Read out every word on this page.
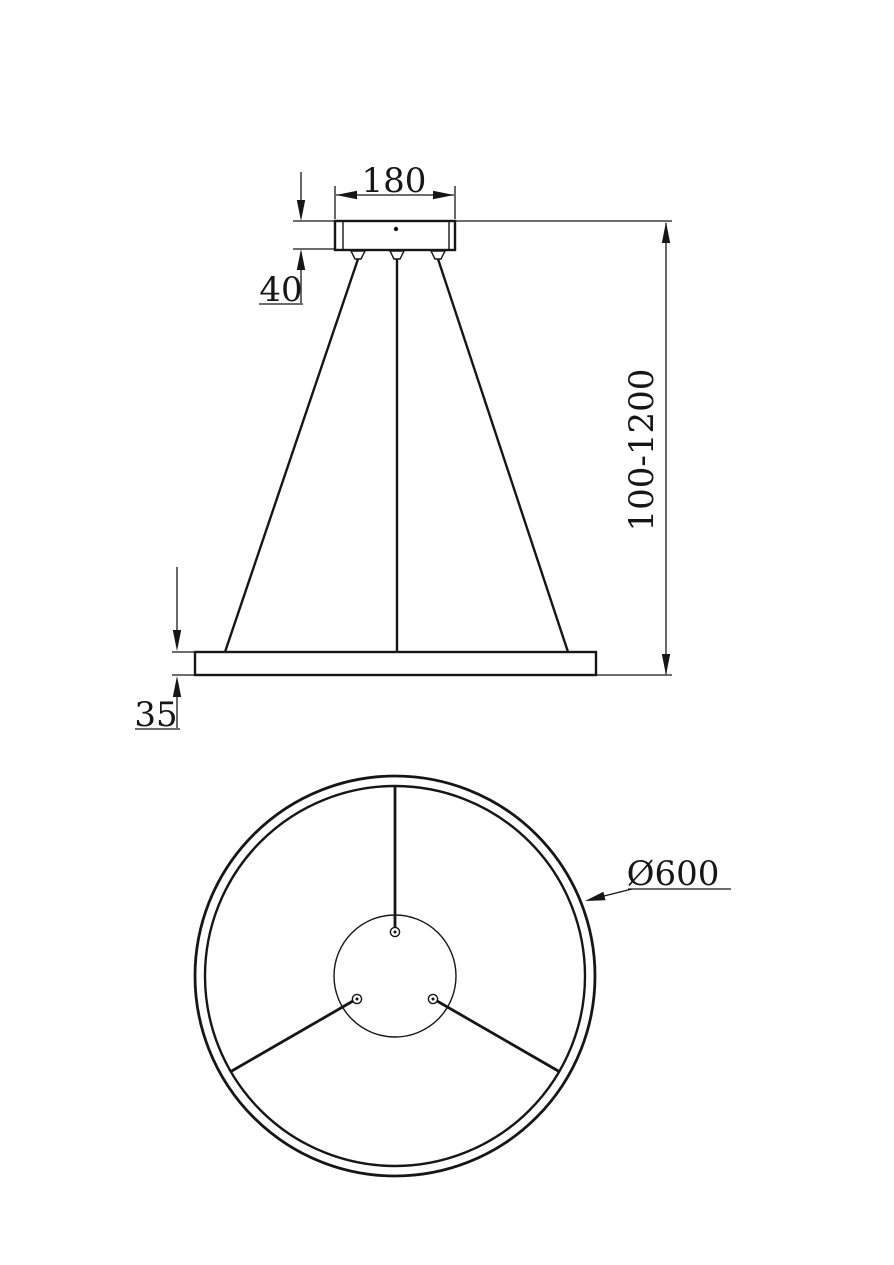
180
40
100-1200
35
Ø600
